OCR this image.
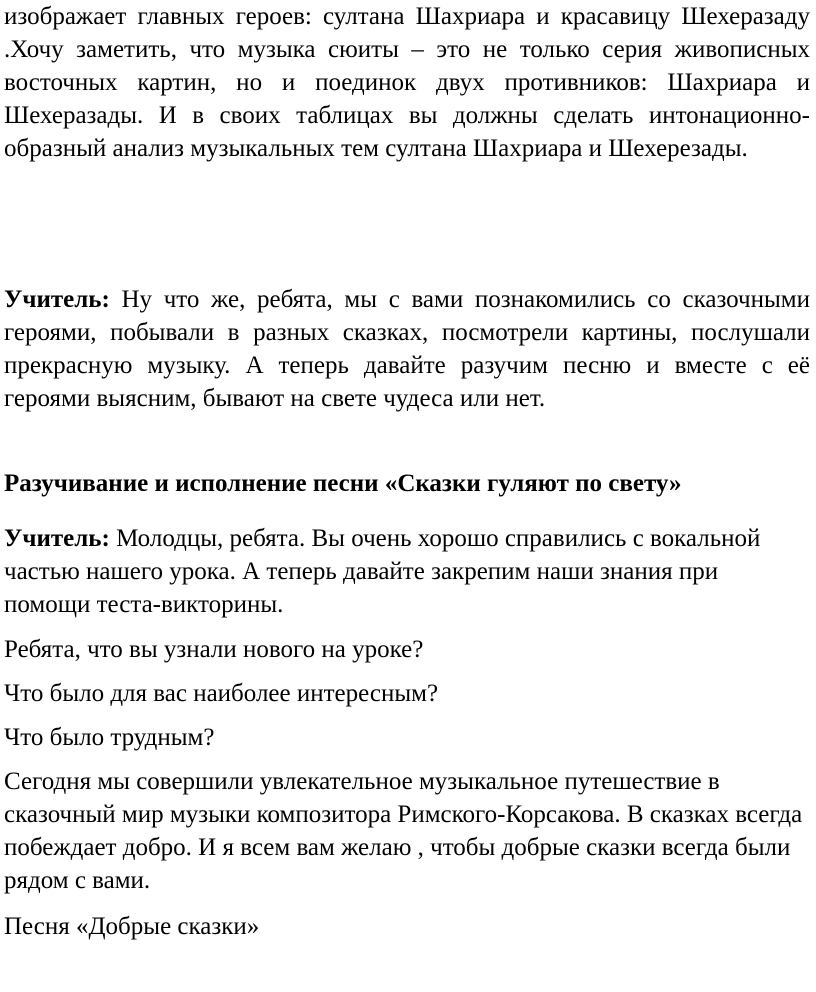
изображает главных героев: султана Шахриара и красавицу Шехеразаду .Хочу заметить, что музыка сюиты – это не только серия живописных восточных картин, но и поединок двух противников: Шахриара и Шехеразады. И в своих таблицах вы должны сделать интонационно-образный анализ музыкальных тем султана Шахриара и Шехерезады.

Учитель: Ну что же, ребята, мы с вами познакомились со сказочными героями, побывали в разных сказках, посмотрели картины, послушали прекрасную музыку. А теперь давайте разучим песню и вместе с её героями выясним, бывают на свете чудеса или нет.

Разучивание и исполнение песни «Сказки гуляют по свету»

Учитель: Молодцы, ребята. Вы очень хорошо справились с вокальной частью нашего урока. А теперь давайте закрепим наши знания при помощи теста-викторины.

Ребята, что вы узнали нового на уроке?

Что было для вас наиболее интересным?

Что было трудным?

Сегодня мы совершили увлекательное музыкальное путешествие в сказочный мир музыки композитора Римского-Корсакова. В сказках всегда побеждает добро. И я всем вам желаю , чтобы добрые сказки всегда были рядом с вами.

Песня «Добрые сказки»
